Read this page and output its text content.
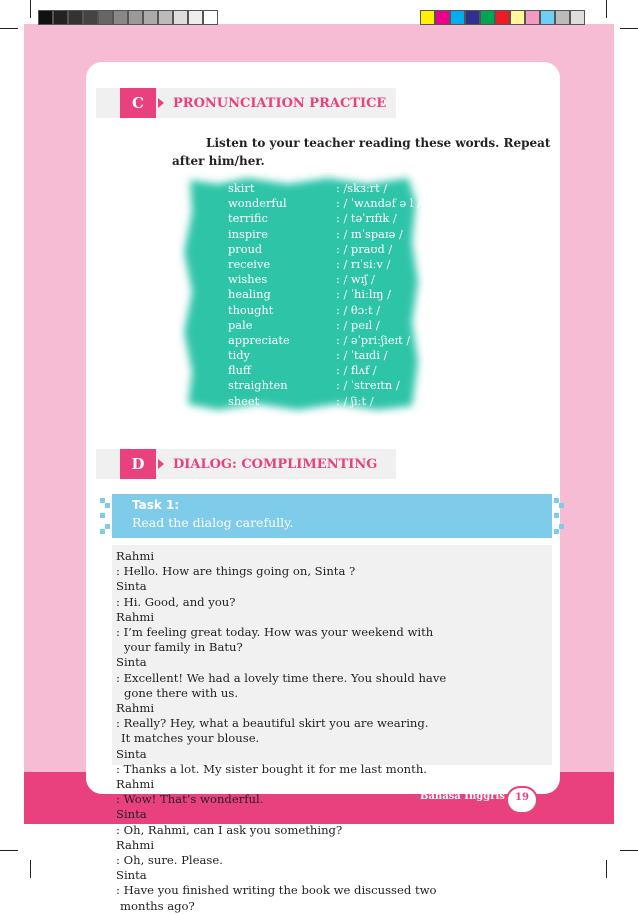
C	PRONUNCIATION PRACTICE
Listen to your teacher reading these words. Repeat
after him/her.
skirt	: /skɜːrt /
wonderful	: / ˈwʌndəf ə l /
terrific	: / təˈrɪfɪk /
inspire	: / ɪnˈspaɪə /
proud	: / praʊd /
receive	: / rɪˈsiːv /
wishes	: / wɪʃ /
healing	: / ˈhiːlɪŋ /
thought	: / θɔːt /
pale	: / peɪl /
appreciate	: / əˈpriːʃieɪt /
tidy	: / ˈtaɪdi /
fluff	: / flʌf /
straighten	: / ˈstreɪtn /
sheet	: / ʃiːt /
D	DIALOG: COMPLIMENTING
Task 1:
Read the dialog carefully.
Rahmi
: Hello. How are things going on, Sinta ?
Sinta
: Hi. Good, and you?
Rahmi
: I’m feeling great today. How was your weekend with
your family in Batu?
Sinta
: Excellent! We had a lovely time there. You should have
gone there with us.
Rahmi
: Really? Hey, what a beautiful skirt you are wearing.
It matches your blouse.
Sinta
: Thanks a lot. My sister bought it for me last month.
Rahmi
: Wow! That’s wonderful.
Sinta
: Oh, Rahmi, can I ask you something?
Rahmi
: Oh, sure. Please.
Sinta
: Have you finished writing the book we discussed two
months ago?
Bahasa Inggris	19
